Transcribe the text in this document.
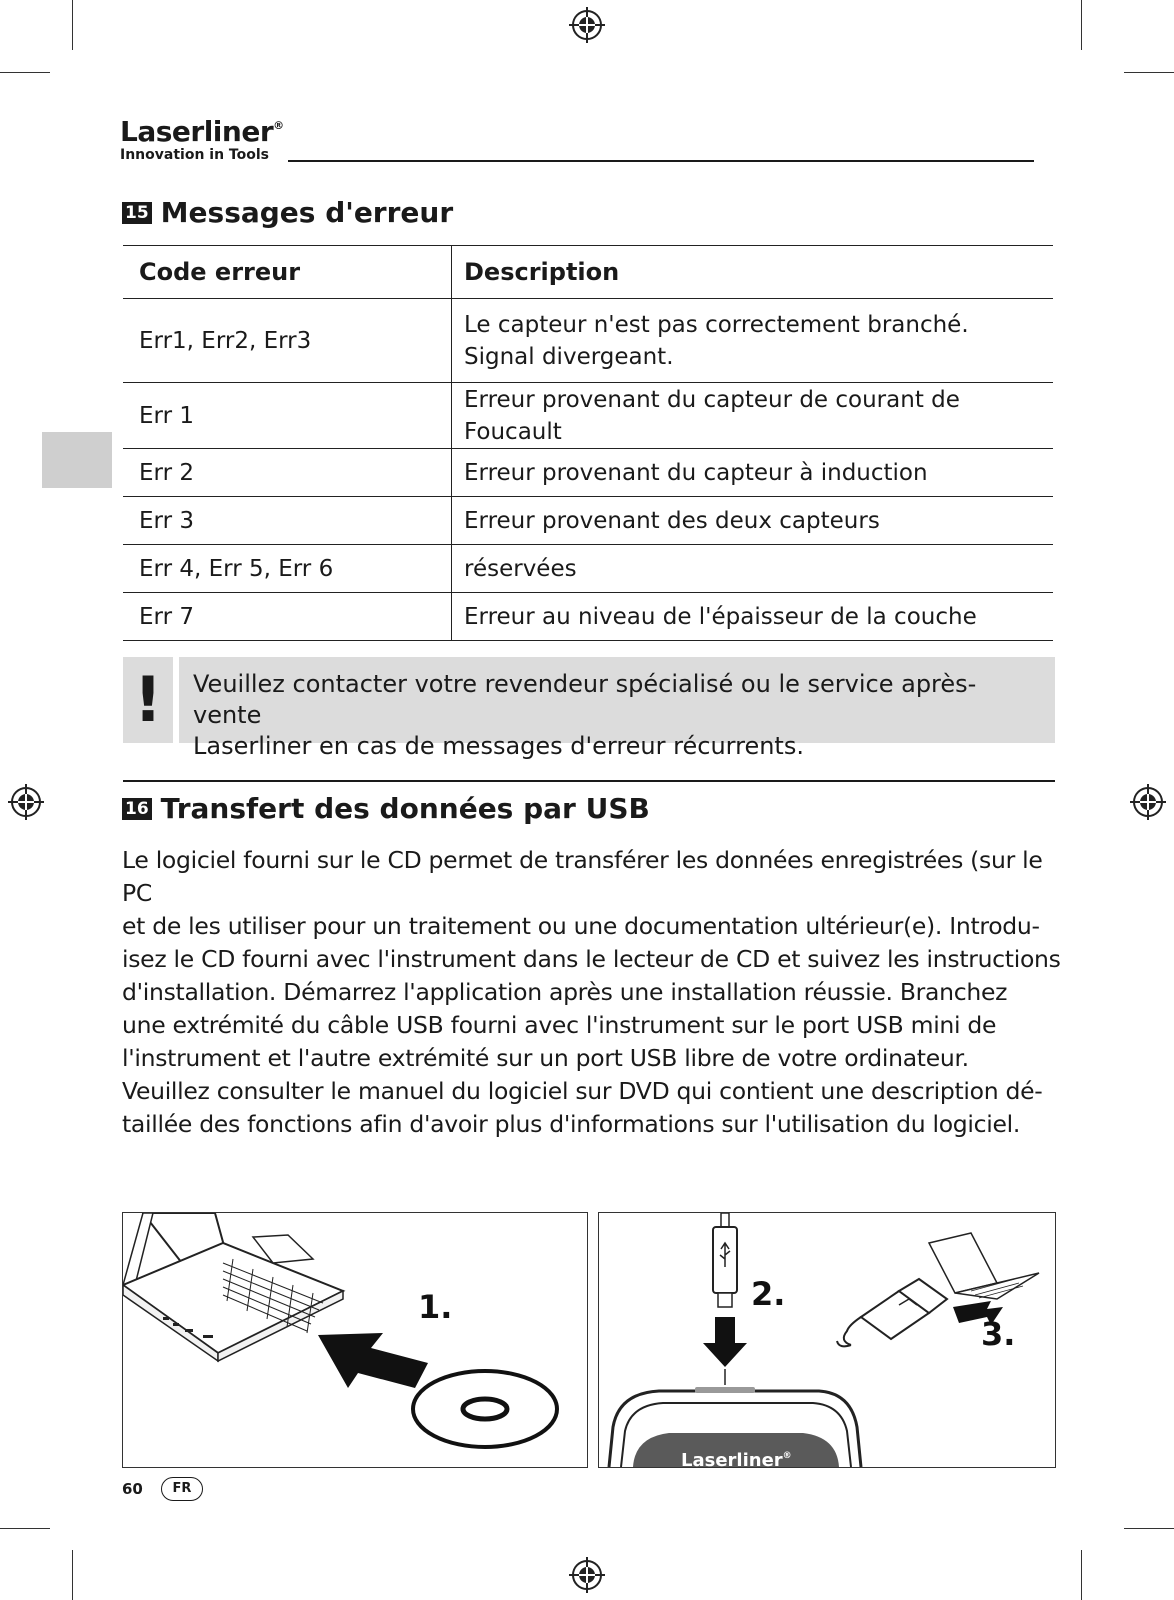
Laserliner®
Innovation in Tools
15 Messages d'erreur
Code erreur	Description
Err1, Err2, Err3	Le capteur n'est pas correctement branché.
Signal divergeant.

Err 1	Erreur provenant du capteur de courant de
Foucault

Err 2	Erreur provenant du capteur à induction
Err 3	Erreur provenant des deux capteurs
Err 4, Err 5, Err 6	réservées
Err 7	Erreur au niveau de l'épaisseur de la couche
!	Veuillez contacter votre revendeur spécialisé ou le service après-vente
Laserliner en cas de messages d'erreur récurrents.
16 Transfert des données par USB
Le logiciel fourni sur le CD permet de transférer les données enregistrées (sur le PC
et de les utiliser pour un traitement ou une documentation ultérieur(e). Introdu-
isez le CD fourni avec l'instrument dans le lecteur de CD et suivez les instructions
d'installation. Démarrez l'application après une installation réussie. Branchez
une extrémité du câble USB fourni avec l'instrument sur le port USB mini de
l'instrument et l'autre extrémité sur un port USB libre de votre ordinateur.
Veuillez consulter le manuel du logiciel sur DVD qui contient une description dé-
taillée des fonctions afin d'avoir plus d'informations sur l'utilisation du logiciel.
1.
Laserliner®
2.
3.
60	FR
